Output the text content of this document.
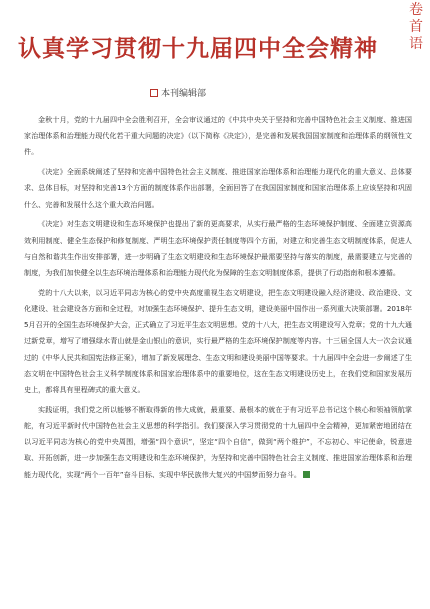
卷
首
语
认真学习贯彻十九届四中全会精神
本刊编辑部

金秋十月，党的十九届四中全会胜利召开，全会审议通过的《中共中央关于坚持和完善中国特色社会主义制度、推进国家治理体系和治理能力现代化若干重大问题的决定》（以下简称《决定》），是完善和发展我国国家制度和治理体系的纲领性文件。

《决定》全面系统阐述了坚持和完善中国特色社会主义制度、推进国家治理体系和治理能力现代化的重大意义、总体要求、总体目标，对坚持和完善13个方面的制度体系作出部署，全面回答了在我国国家制度和国家治理体系上应该坚持和巩固什么、完善和发展什么这个重大政治问题。

《决定》对生态文明建设和生态环境保护也提出了新的更高要求，从实行最严格的生态环境保护制度、全面建立资源高效利用制度、健全生态保护和修复制度、严明生态环境保护责任制度等四个方面，对建立和完善生态文明制度体系，促进人与自然和谐共生作出安排部署，进一步明确了生态文明建设和生态环境保护最需要坚持与落实的制度，最需要建立与完善的制度，为我们加快健全以生态环境治理体系和治理能力现代化为保障的生态文明制度体系，提供了行动指南和根本遵循。

党的十八大以来，以习近平同志为核心的党中央高度重视生态文明建设，把生态文明建设融入经济建设、政治建设、文化建设、社会建设各方面和全过程，对加强生态环境保护、提升生态文明，建设美丽中国作出一系列重大决策部署。2018年5月召开的全国生态环境保护大会，正式确立了习近平生态文明思想。党的十八大，把生态文明建设写入党章；党的十九大通过新党章，增写了增强绿水青山就是金山银山的意识，实行最严格的生态环境保护制度等内容。十三届全国人大一次会议通过的《中华人民共和国宪法修正案》，增加了新发展理念、生态文明和建设美丽中国等要求。十九届四中全会进一步阐述了生态文明在中国特色社会主义科学制度体系和国家治理体系中的重要地位，这在生态文明建设历史上，在我们党和国家发展历史上，都将具有里程碑式的重大意义。

实践证明，我们党之所以能够不断取得新的伟大成就，最重要、最根本的就在于有习近平总书记这个核心和领袖领航掌舵，有习近平新时代中国特色社会主义思想的科学指引。我们要深入学习贯彻党的十九届四中全会精神，更加紧密地团结在以习近平同志为核心的党中央周围，增强“四个意识”，坚定“四个自信”，做到“两个维护”，不忘初心、牢记使命，锐意进取、开拓创新，进一步加强生态文明建设和生态环境保护，为坚持和完善中国特色社会主义制度、推进国家治理体系和治理能力现代化，实现“两个一百年”奋斗目标、实现中华民族伟大复兴的中国梦而努力奋斗。
